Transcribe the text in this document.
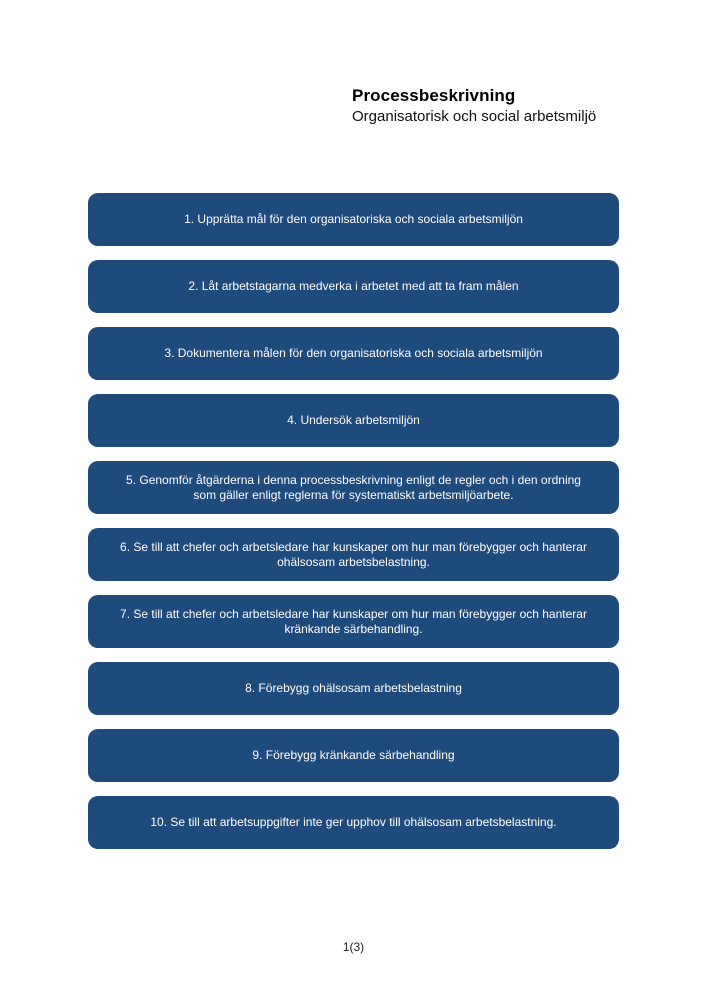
Processbeskrivning
Organisatorisk och social arbetsmiljö
1. Upprätta mål för den organisatoriska och sociala arbetsmiljön
2. Låt arbetstagarna medverka i arbetet med att ta fram målen
3. Dokumentera målen för den organisatoriska och sociala arbetsmiljön
4. Undersök arbetsmiljön
5. Genomför åtgärderna i denna processbeskrivning enligt de regler och i den ordning som gäller enligt reglerna för systematiskt arbetsmiljöarbete.
6. Se till att chefer och arbetsledare har kunskaper om hur man förebygger och hanterar ohälsosam arbetsbelastning.
7. Se till att chefer och arbetsledare har kunskaper om hur man förebygger och hanterar kränkande särbehandling.
8. Förebygg ohälsosam arbetsbelastning
9. Förebygg kränkande särbehandling
10. Se till att arbetsuppgifter inte ger upphov till ohälsosam arbetsbelastning.
1(3)
